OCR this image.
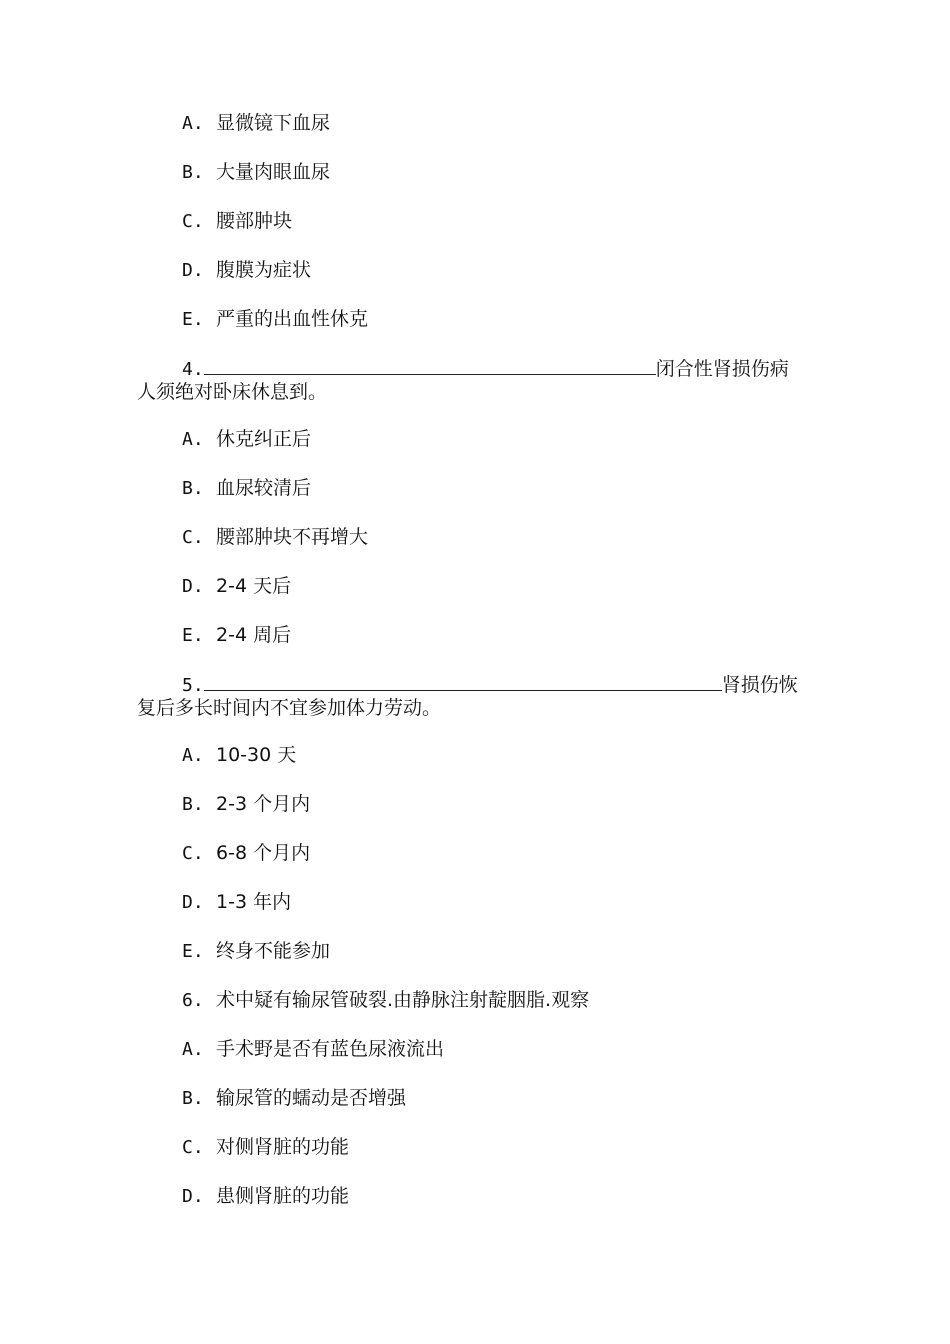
A. 显微镜下血尿
B. 大量肉眼血尿
C. 腰部肿块
D. 腹膜为症状
E. 严重的出血性休克
4.	闭合性肾损伤病
人须绝对卧床休息到。
A. 休克纠正后
B. 血尿较清后
C. 腰部肿块不再增大
D. 2-4 天后
E. 2-4 周后
5.	肾损伤恢
复后多长时间内不宜参加体力劳动。
A. 10-30 天
B. 2-3 个月内
C. 6-8 个月内
D. 1-3 年内
E. 终身不能参加
6. 术中疑有输尿管破裂.由静脉注射靛胭脂.观察
A. 手术野是否有蓝色尿液流出
B. 输尿管的蠕动是否增强
C. 对侧肾脏的功能
D. 患侧肾脏的功能
